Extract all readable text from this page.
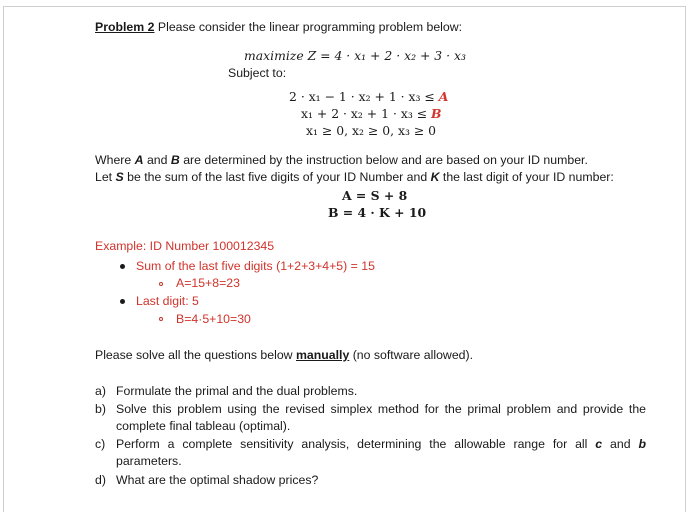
Problem 2 Please consider the linear programming problem below:
maximize Z = 4 · x₁ + 2 · x₂ + 3 · x₃
Subject to:
2 · x₁ − 1 · x₂ + 1 · x₃ ≤ A
x₁ + 2 · x₂ + 1 · x₃ ≤ B
x₁ ≥ 0, x₂ ≥ 0, x₃ ≥ 0
Where A and B are determined by the instruction below and are based on your ID number.
Let S be the sum of the last five digits of your ID Number and K the last digit of your ID number:
A = S + 8
B = 4 · K + 10
Example: ID Number 100012345
Sum of the last five digits (1+2+3+4+5) = 15
A=15+8=23
Last digit: 5
B=4·5+10=30
Please solve all the questions below manually (no software allowed).
a) Formulate the primal and the dual problems.
b) Solve this problem using the revised simplex method for the primal problem and provide the
complete final tableau (optimal).
c) Perform a complete sensitivity analysis, determining the allowable range for all c and b
parameters.
d) What are the optimal shadow prices?
